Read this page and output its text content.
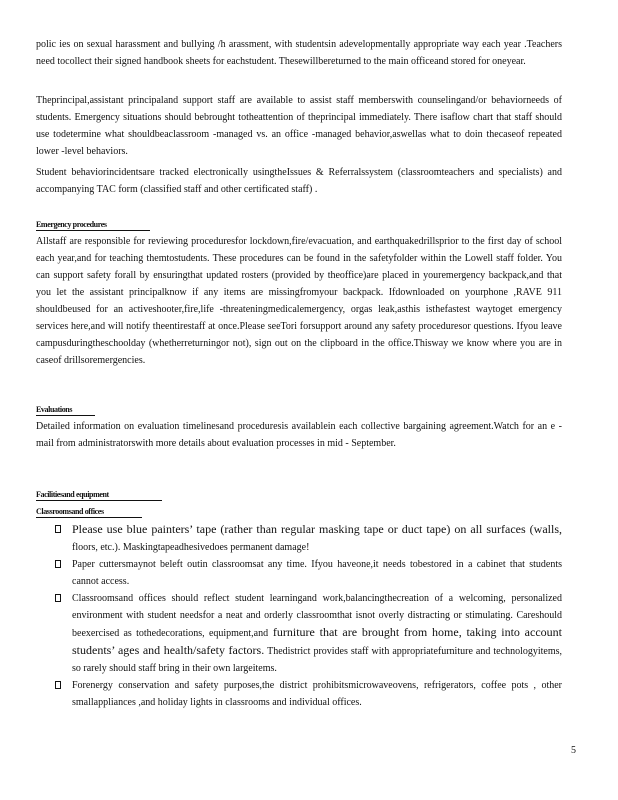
polic ies on sexual harassment and bullying /h arassment, with studentsin adevelopmentally appropriate way each year .Teachers need tocollect their signed handbook sheets for eachstudent. Thesewillbereturned to the main officeand stored for oneyear.

Theprincipal,assistant principaland support staff are available to assist staff memberswith counselingand/or behaviorneeds of students. Emergency situations should bebrought totheattention of theprincipal immediately. There isaflow chart that staff should use todetermine what shouldbeaclassroom -managed vs. an office -managed behavior,aswellas what to doin thecaseof repeated lower -level behaviors.

Student behaviorincidentsare tracked electronically usingtheIssues & Referralssystem (classroomteachers and specialists) and accompanying TAC form (classified staff and other certificated staff) .

Emergency procedures

Allstaff are responsible for reviewing proceduresfor lockdown,fire/evacuation, and earthquakedrillsprior to the first day of school each year,and for teaching themtostudents. These procedures can be found in the safetyfolder within the Lowell staff folder. You can support safety forall by ensuringthat updated rosters (provided by theoffice)are placed in youremergency backpack,and that you let the assistant principalknow if any items are missingfromyour backpack. Ifdownloaded on yourphone ,RAVE 911 shouldbeused for an activeshooter,fire,life -threateningmedicalemergency, orgas leak,asthis isthefastest waytoget emergency services here,and will notify theentirestaff at once.Please seeTori forsupport around any safety proceduresor questions. Ifyou leave campusduringtheschoolday (whetherreturningor not), sign out on the clipboard in the office.Thisway we know where you are in caseof drillsoremergencies.

Evaluations

Detailed information on evaluation timelinesand proceduresis availablein each collective bargaining agreement.Watch for an e -mail from administratorswith more details about evaluation processes in mid - September.

Facilitiesand equipment
Classroomsand offices
Please use blue painters’ tape (rather than regular masking tape or duct tape) on all surfaces (walls, floors, etc.). Maskingtapeadhesivedoes permanent damage!
Paper cuttersmaynot beleft outin classroomsat any time. Ifyou haveone,it needs tobestored in a cabinet that students cannot access.
Classroomsand offices should reflect student learningand work,balancingthecreation of a welcoming, personalized environment with student needsfor a neat and orderly classroomthat isnot overly distracting or stimulating. Careshould beexercised as tothedecorations, equipment,and furniture that are brought from home, taking into account students’ ages and health/safety factors. Thedistrict provides staff with appropriatefurniture and technologyitems, so rarely should staff bring in their own largeitems.
Forenergy conservation and safety purposes,the district prohibitsmicrowaveovens, refrigerators, coffee pots , other smallappliances ,and holiday lights in classrooms and individual offices.
5
